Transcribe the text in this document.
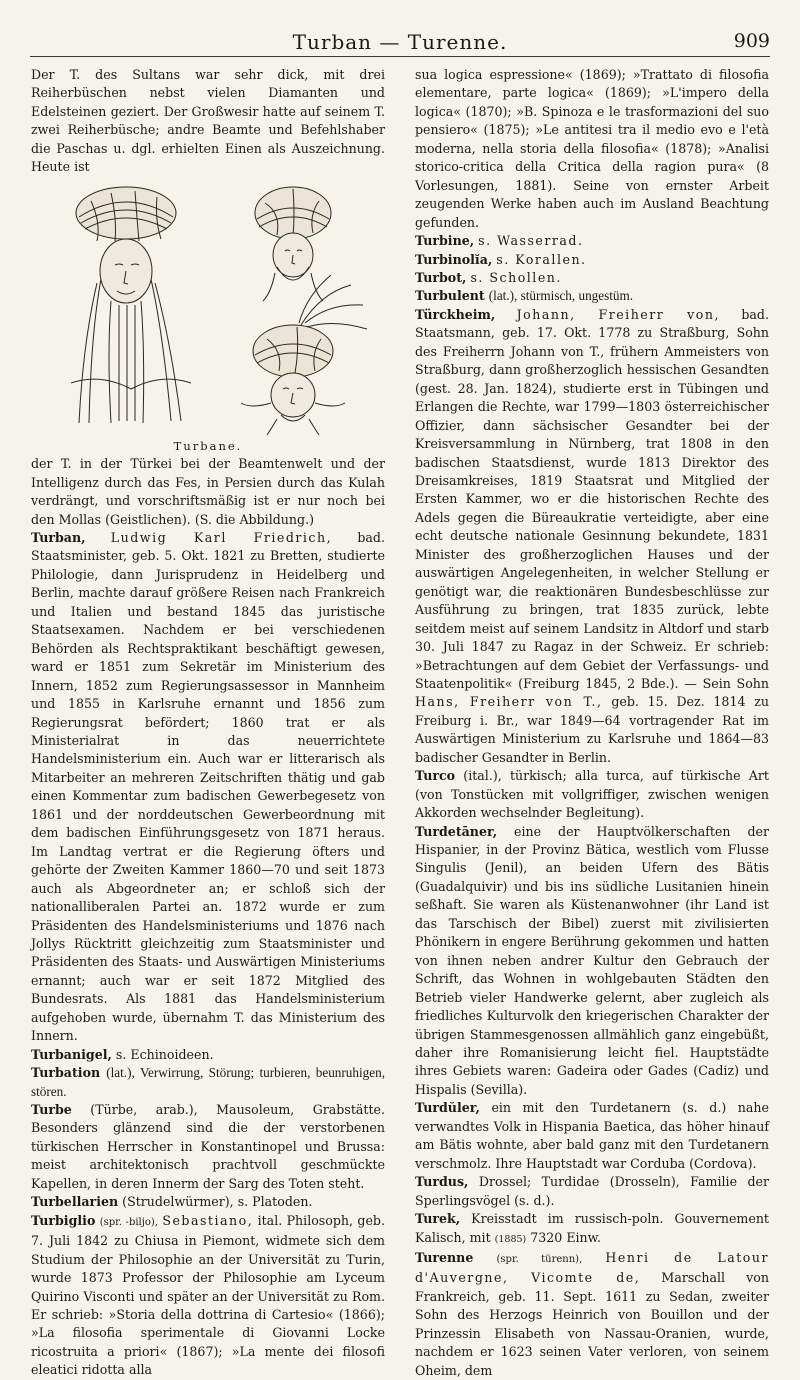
Turban — Turenne.	909

Der T. des Sultans war sehr dick, mit drei Reiherbüschen nebst vielen Diamanten und Edelsteinen geziert. Der Großwesir hatte auf seinem T. zwei Reiherbüsche; andre Beamte und Befehlshaber die Paschas u. dgl. erhielten Einen als Auszeichnung. Heute ist

Turbane.

der T. in der Türkei bei der Beamtenwelt und der Intelligenz durch das Fes, in Persien durch das Kulah verdrängt, und vorschriftsmäßig ist er nur noch bei den Mollas (Geistlichen). (S. die Abbildung.)

Turban, Ludwig Karl Friedrich, bad. Staatsminister, geb. 5. Okt. 1821 zu Bretten, studierte Philologie, dann Jurisprudenz in Heidelberg und Berlin, machte darauf größere Reisen nach Frankreich und Italien und bestand 1845 das juristische Staatsexamen. Nachdem er bei verschiedenen Behörden als Rechtspraktikant beschäftigt gewesen, ward er 1851 zum Sekretär im Ministerium des Innern, 1852 zum Regierungsassessor in Mannheim und 1855 in Karlsruhe ernannt und 1856 zum Regierungsrat befördert; 1860 trat er als Ministerialrat in das neuerrichtete Handelsministerium ein. Auch war er litterarisch als Mitarbeiter an mehreren Zeitschriften thätig und gab einen Kommentar zum badischen Gewerbegesetz von 1861 und der norddeutschen Gewerbeordnung mit dem badischen Einführungsgesetz von 1871 heraus. Im Landtag vertrat er die Regierung öfters und gehörte der Zweiten Kammer 1860—70 und seit 1873 auch als Abgeordneter an; er schloß sich der nationalliberalen Partei an. 1872 wurde er zum Präsidenten des Handelsministeriums und 1876 nach Jollys Rücktritt gleichzeitig zum Staatsminister und Präsidenten des Staats- und Auswärtigen Ministeriums ernannt; auch war er seit 1872 Mitglied des Bundesrats. Als 1881 das Handelsministerium aufgehoben wurde, übernahm T. das Ministerium des Innern.

Turbanigel, s. Echinoideen.

Turbation (lat.), Verwirrung, Störung; turbieren, beunruhigen, stören.

Turbe (Türbe, arab.), Mausoleum, Grabstätte. Besonders glänzend sind die der verstorbenen türkischen Herrscher in Konstantinopel und Brussa: meist architektonisch prachtvoll geschmückte Kapellen, in deren Innerm der Sarg des Toten steht.

Turbellarien (Strudelwürmer), s. Platoden.

Turbiglio (spr. -biljo), Sebastiano, ital. Philosoph, geb. 7. Juli 1842 zu Chiusa in Piemont, widmete sich dem Studium der Philosophie an der Universität zu Turin, wurde 1873 Professor der Philosophie am Lyceum Quirino Visconti und später an der Universität zu Rom. Er schrieb: »Storia della dottrina di Cartesio« (1866); »La filosofia sperimentale di Giovanni Locke ricostruita a priori« (1867); »La mente dei filosofi eleatici ridotta alla

sua logica espressione« (1869); »Trattato di filosofia elementare, parte logica« (1869); »L'impero della logica« (1870); »B. Spinoza e le trasformazioni del suo pensiero« (1875); »Le antitesi tra il medio evo e l'età moderna, nella storia della filosofia« (1878); »Analisi storico-critica della Critica della ragion pura« (8 Vorlesungen, 1881). Seine von ernster Arbeit zeugenden Werke haben auch im Ausland Beachtung gefunden.

Turbine, s. Wasserrad.

Turbinolĭa, s. Korallen.

Turbot, s. Schollen.

Turbulent (lat.), stürmisch, ungestüm.

Türckheim, Johann, Freiherr von, bad. Staatsmann, geb. 17. Okt. 1778 zu Straßburg, Sohn des Freiherrn Johann von T., frühern Ammeisters von Straßburg, dann großherzoglich hessischen Gesandten (gest. 28. Jan. 1824), studierte erst in Tübingen und Erlangen die Rechte, war 1799—1803 österreichischer Offizier, dann sächsischer Gesandter bei der Kreisversammlung in Nürnberg, trat 1808 in den badischen Staatsdienst, wurde 1813 Direktor des Dreisamkreises, 1819 Staatsrat und Mitglied der Ersten Kammer, wo er die historischen Rechte des Adels gegen die Büreaukratie verteidigte, aber eine echt deutsche nationale Gesinnung bekundete, 1831 Minister des großherzoglichen Hauses und der auswärtigen Angelegenheiten, in welcher Stellung er genötigt war, die reaktionären Bundesbeschlüsse zur Ausführung zu bringen, trat 1835 zurück, lebte seitdem meist auf seinem Landsitz in Altdorf und starb 30. Juli 1847 zu Ragaz in der Schweiz. Er schrieb: »Betrachtungen auf dem Gebiet der Verfassungs- und Staatenpolitik« (Freiburg 1845, 2 Bde.). — Sein Sohn Hans, Freiherr von T., geb. 15. Dez. 1814 zu Freiburg i. Br., war 1849—64 vortragender Rat im Auswärtigen Ministerium zu Karlsruhe und 1864—83 badischer Gesandter in Berlin.

Turco (ital.), türkisch; alla turca, auf türkische Art (von Tonstücken mit vollgriffiger, zwischen wenigen Akkorden wechselnder Begleitung).

Turdetāner, eine der Hauptvölkerschaften der Hispanier, in der Provinz Bätica, westlich vom Flusse Singulis (Jenil), an beiden Ufern des Bätis (Guadalquivir) und bis ins südliche Lusitanien hinein seßhaft. Sie waren als Küstenanwohner (ihr Land ist das Tarschisch der Bibel) zuerst mit zivilisierten Phönikern in engere Berührung gekommen und hatten von ihnen neben andrer Kultur den Gebrauch der Schrift, das Wohnen in wohlgebauten Städten den Betrieb vieler Handwerke gelernt, aber zugleich als friedliches Kulturvolk den kriegerischen Charakter der übrigen Stammesgenossen allmählich ganz eingebüßt, daher ihre Romanisierung leicht fiel. Hauptstädte ihres Gebiets waren: Gadeira oder Gades (Cadiz) und Hispalis (Sevilla).

Turdŭler, ein mit den Turdetanern (s. d.) nahe verwandtes Volk in Hispania Baetica, das höher hinauf am Bätis wohnte, aber bald ganz mit den Turdetanern verschmolz. Ihre Hauptstadt war Corduba (Cordova).

Turdus, Drossel; Turdidae (Drosseln), Familie der Sperlingsvögel (s. d.).

Turek, Kreisstadt im russisch-poln. Gouvernement Kalisch, mit (1885) 7320 Einw.

Turenne (spr. türenn), Henri de Latour d'Auvergne, Vicomte de, Marschall von Frankreich, geb. 11. Sept. 1611 zu Sedan, zweiter Sohn des Herzogs Heinrich von Bouillon und der Prinzessin Elisabeth von Nassau-Oranien, wurde, nachdem er 1623 seinen Vater verloren, von seinem Oheim, dem
